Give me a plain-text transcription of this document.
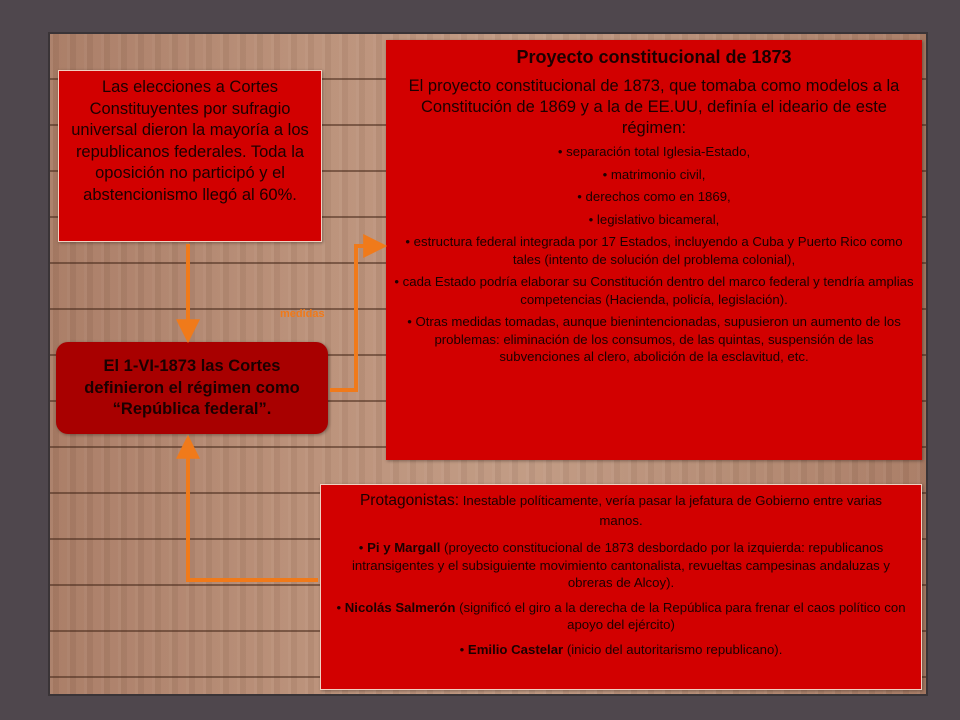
Las elecciones a Cortes Constituyentes por sufragio universal dieron la mayoría a los republicanos federales. Toda la oposición no participó y el abstencionismo llegó al 60%.
El 1-VI-1873 las Cortes definieron el régimen como “República federal”.
medidas
Proyecto constitucional de 1873
El proyecto constitucional de 1873, que tomaba como modelos a la Constitución de 1869 y a la de EE.UU, definía el ideario de este régimen:
• separación total Iglesia-Estado,
• matrimonio civil,
• derechos como en 1869,
• legislativo bicameral,
• estructura federal integrada por 17 Estados, incluyendo a Cuba y Puerto Rico como tales (intento de solución del problema colonial),
• cada Estado podría elaborar su Constitución dentro del marco federal y tendría amplias competencias (Hacienda, policía, legislación).
• Otras medidas tomadas, aunque bienintencionadas, supusieron un aumento de los problemas: eliminación de los consumos, de las quintas, suspensión de las subvenciones al clero, abolición de la esclavitud, etc.
Protagonistas: Inestable políticamente, vería pasar la jefatura de Gobierno entre varias manos.
• Pi y Margall (proyecto constitucional de 1873 desbordado por la izquierda: republicanos intransigentes y el subsiguiente movimiento cantonalista, revueltas campesinas andaluzas y obreras de Alcoy).
• Nicolás Salmerón (significó el giro a la derecha de la República para frenar el caos político con apoyo del ejército)
• Emilio Castelar (inicio del autoritarismo republicano).
